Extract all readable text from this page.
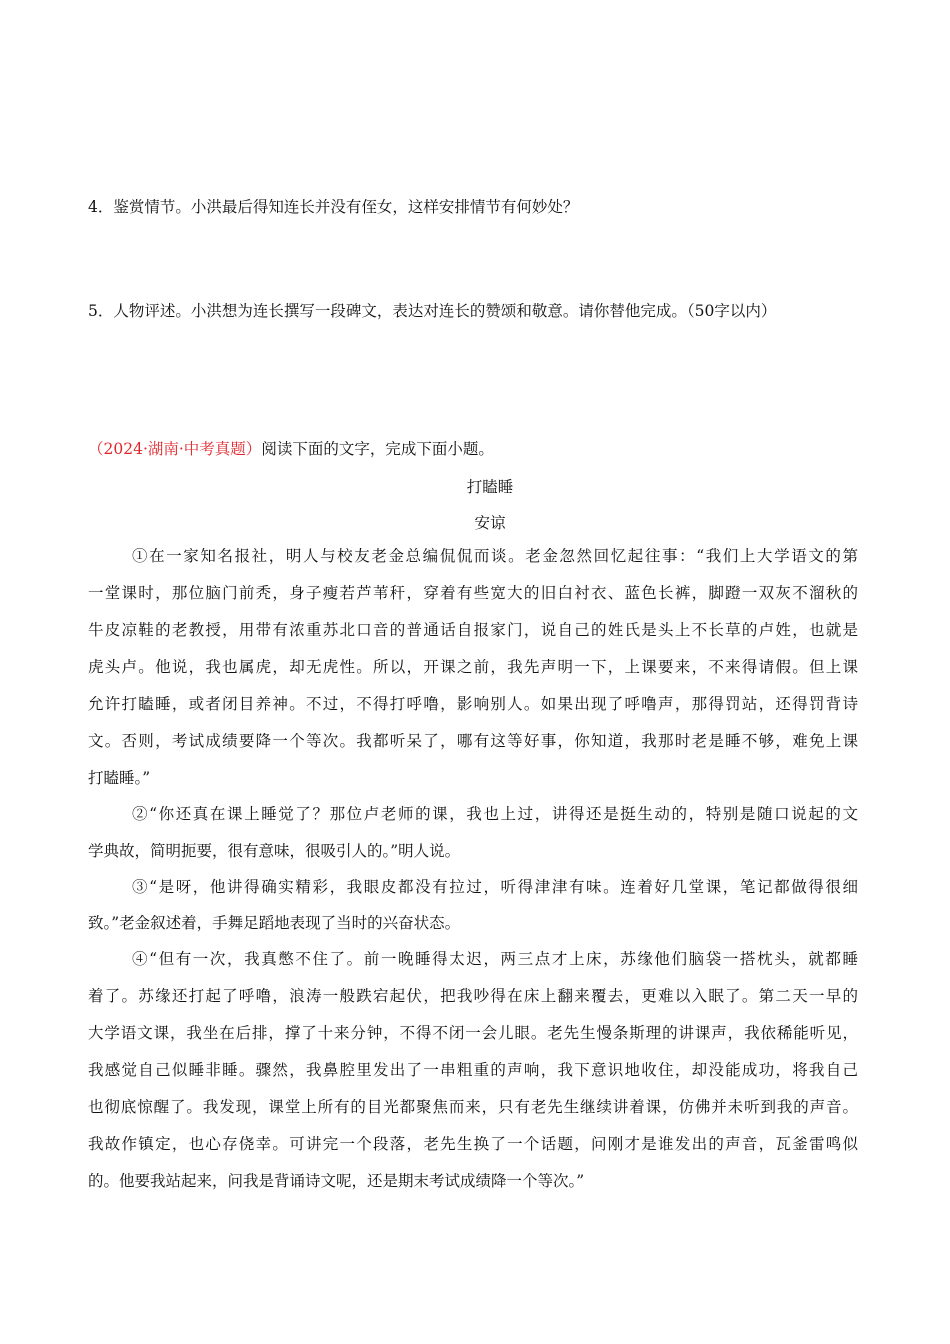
4．鉴赏情节。小洪最后得知连长并没有侄女，这样安排情节有何妙处？
5．人物评述。小洪想为连长撰写一段碑文，表达对连长的赞颂和敬意。请你替他完成。（50字以内）
（2024·湖南·中考真题）阅读下面的文字，完成下面小题。
打瞌睡
安谅
①在一家知名报社，明人与校友老金总编侃侃而谈。老金忽然回忆起往事：“我们上大学语文的第
一堂课时，那位脑门前秃，身子瘦若芦苇秆，穿着有些宽大的旧白衬衣、蓝色长裤，脚蹬一双灰不溜秋的
牛皮凉鞋的老教授，用带有浓重苏北口音的普通话自报家门，说自己的姓氏是头上不长草的卢姓，也就是
虎头卢。他说，我也属虎，却无虎性。所以，开课之前，我先声明一下，上课要来，不来得请假。但上课
允许打瞌睡，或者闭目养神。不过，不得打呼噜，影响别人。如果出现了呼噜声，那得罚站，还得罚背诗
文。否则，考试成绩要降一个等次。我都听呆了，哪有这等好事，你知道，我那时老是睡不够，难免上课
打瞌睡。”
②“你还真在课上睡觉了？那位卢老师的课，我也上过，讲得还是挺生动的，特别是随口说起的文
学典故，简明扼要，很有意味，很吸引人的。”明人说。
③“是呀，他讲得确实精彩，我眼皮都没有拉过，听得津津有味。连着好几堂课，笔记都做得很细
致。”老金叙述着，手舞足蹈地表现了当时的兴奋状态。
④“但有一次，我真憋不住了。前一晚睡得太迟，两三点才上床，苏缘他们脑袋一搭枕头，就都睡
着了。苏缘还打起了呼噜，浪涛一般跌宕起伏，把我吵得在床上翻来覆去，更难以入眠了。第二天一早的
大学语文课，我坐在后排，撑了十来分钟，不得不闭一会儿眼。老先生慢条斯理的讲课声，我依稀能听见，
我感觉自己似睡非睡。骤然，我鼻腔里发出了一串粗重的声响，我下意识地收住，却没能成功，将我自己
也彻底惊醒了。我发现，课堂上所有的目光都聚焦而来，只有老先生继续讲着课，仿佛并未听到我的声音。
我故作镇定，也心存侥幸。可讲完一个段落，老先生换了一个话题，问刚才是谁发出的声音，瓦釜雷鸣似
的。他要我站起来，问我是背诵诗文呢，还是期末考试成绩降一个等次。”
